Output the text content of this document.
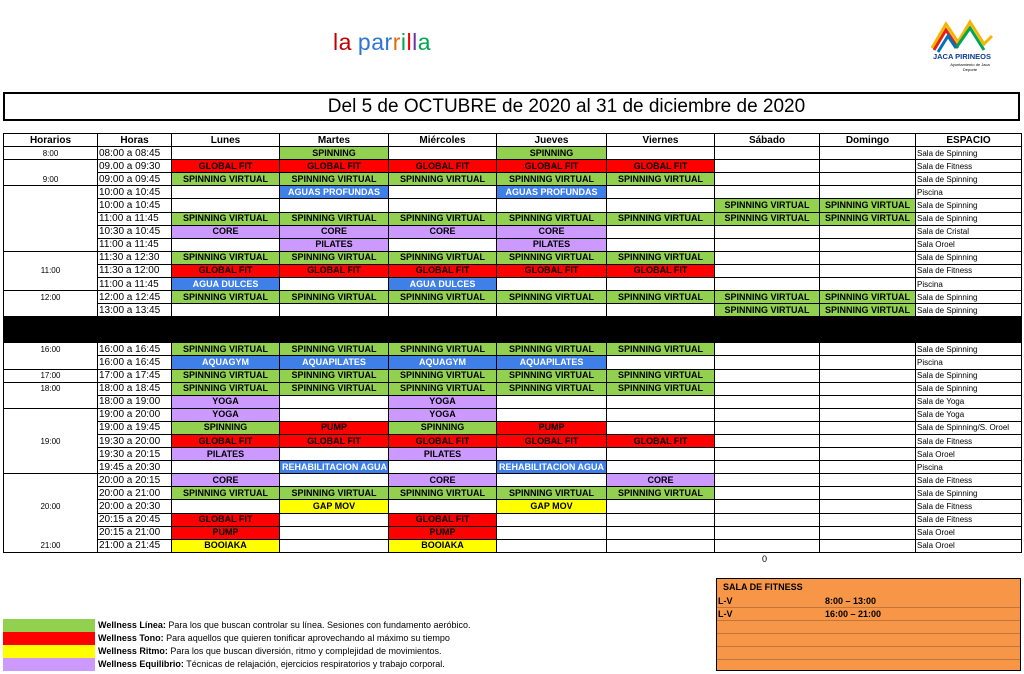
la parrilla
JACA PIRINEOS
Ayuntamiento de Jaca
Deporte
Del 5 de OCTUBRE de 2020 al 31 de diciembre de 2020
Horarios	Horas	Lunes	Martes	Miércoles	Jueves	Viernes	Sábado	Domingo	ESPACIO
8:00	08:00 a 08:45		SPINNING		SPINNING				Sala de Spinning
	09.00 a 09:30	GLOBAL FIT	GLOBAL FIT	GLOBAL FIT	GLOBAL FIT	GLOBAL FIT			Sala de Fitness
9:00	09:00 a 09:45	SPINNING VIRTUAL	SPINNING VIRTUAL	SPINNING VIRTUAL	SPINNING VIRTUAL	SPINNING VIRTUAL			Sala de Spinning
	10:00 a 10:45		AGUAS PROFUNDAS		AGUAS PROFUNDAS				Piscina
	10:00 a 10:45						SPINNING VIRTUAL	SPINNING VIRTUAL	Sala de Spinning
	11:00 a 11:45	SPINNING VIRTUAL	SPINNING VIRTUAL	SPINNING VIRTUAL	SPINNING VIRTUAL	SPINNING VIRTUAL	SPINNING VIRTUAL	SPINNING VIRTUAL	Sala de Spinning
	10:30 a 10:45	CORE	CORE	CORE	CORE				Sala de Cristal
	11:00 a 11:45		PILATES		PILATES				Sala Oroel
	11:30 a 12:30	SPINNING VIRTUAL	SPINNING VIRTUAL	SPINNING VIRTUAL	SPINNING VIRTUAL	SPINNING VIRTUAL			Sala de Spinning
11:00	11:30 a 12:00	GLOBAL FIT	GLOBAL FIT	GLOBAL FIT	GLOBAL FIT	GLOBAL FIT			Sala de Fitness
	11:00 a 11:45	AGUA DULCES		AGUA DULCES					Piscina
12:00	12:00 a 12:45	SPINNING VIRTUAL	SPINNING VIRTUAL	SPINNING VIRTUAL	SPINNING VIRTUAL	SPINNING VIRTUAL	SPINNING VIRTUAL	SPINNING VIRTUAL	Sala de Spinning
	13:00 a 13:45						SPINNING VIRTUAL	SPINNING VIRTUAL	Sala de Spinning

16:00	16:00 a 16:45	SPINNING VIRTUAL	SPINNING VIRTUAL	SPINNING VIRTUAL	SPINNING VIRTUAL	SPINNING VIRTUAL			Sala de Spinning
	16:00 a 16:45	AQUAGYM	AQUAPILATES	AQUAGYM	AQUAPILATES				Piscina
17:00	17:00 a 17:45	SPINNING VIRTUAL	SPINNING VIRTUAL	SPINNING VIRTUAL	SPINNING VIRTUAL	SPINNING VIRTUAL			Sala de Spinning
18:00	18:00 a 18:45	SPINNING VIRTUAL	SPINNING VIRTUAL	SPINNING VIRTUAL	SPINNING VIRTUAL	SPINNING VIRTUAL			Sala de Spinning
	18:00 a 19:00	YOGA		YOGA					Sala de Yoga
	19:00 a 20:00	YOGA		YOGA					Sala de Yoga
	19:00 a 19:45	SPINNING	PUMP	SPINNING	PUMP				Sala de Spinning/S. Oroel
19:00	19:30 a 20:00	GLOBAL FIT	GLOBAL FIT	GLOBAL FIT	GLOBAL FIT	GLOBAL FIT			Sala de Fitness
	19:30 a 20:15	PILATES		PILATES					Sala Oroel
	19:45 a 20:30		REHABILITACION AGUA		REHABILITACION AGUA				Piscina
	20:00 a 20:15	CORE		CORE		CORE			Sala de Fitness
	20:00 a 21:00	SPINNING VIRTUAL	SPINNING VIRTUAL	SPINNING VIRTUAL	SPINNING VIRTUAL	SPINNING VIRTUAL			Sala de Spinning
20:00	20:00 a 20:30		GAP MOV		GAP MOV				Sala de Fitness
	20:15 a 20:45	GLOBAL FIT		GLOBAL FIT					Sala de Fitness
	20:15 a 21:00	PUMP		PUMP					Sala Oroel
21:00	21:00 a 21:45	BOOIAKA		BOOIAKA					Sala Oroel
0
SALA DE FITNESS
L-V	8:00 – 13:00
L-V	16:00 – 21:00
Wellness Línea: Para los que buscan controlar su línea. Sesiones con fundamento aeróbico.
Wellness Tono: Para aquellos que quieren tonificar aprovechando al máximo su tiempo
Wellness Ritmo: Para los que buscan diversión, ritmo y complejidad de movimientos.
Wellness Equilibrio: Técnicas de relajación, ejercicios respiratorios y trabajo corporal.
